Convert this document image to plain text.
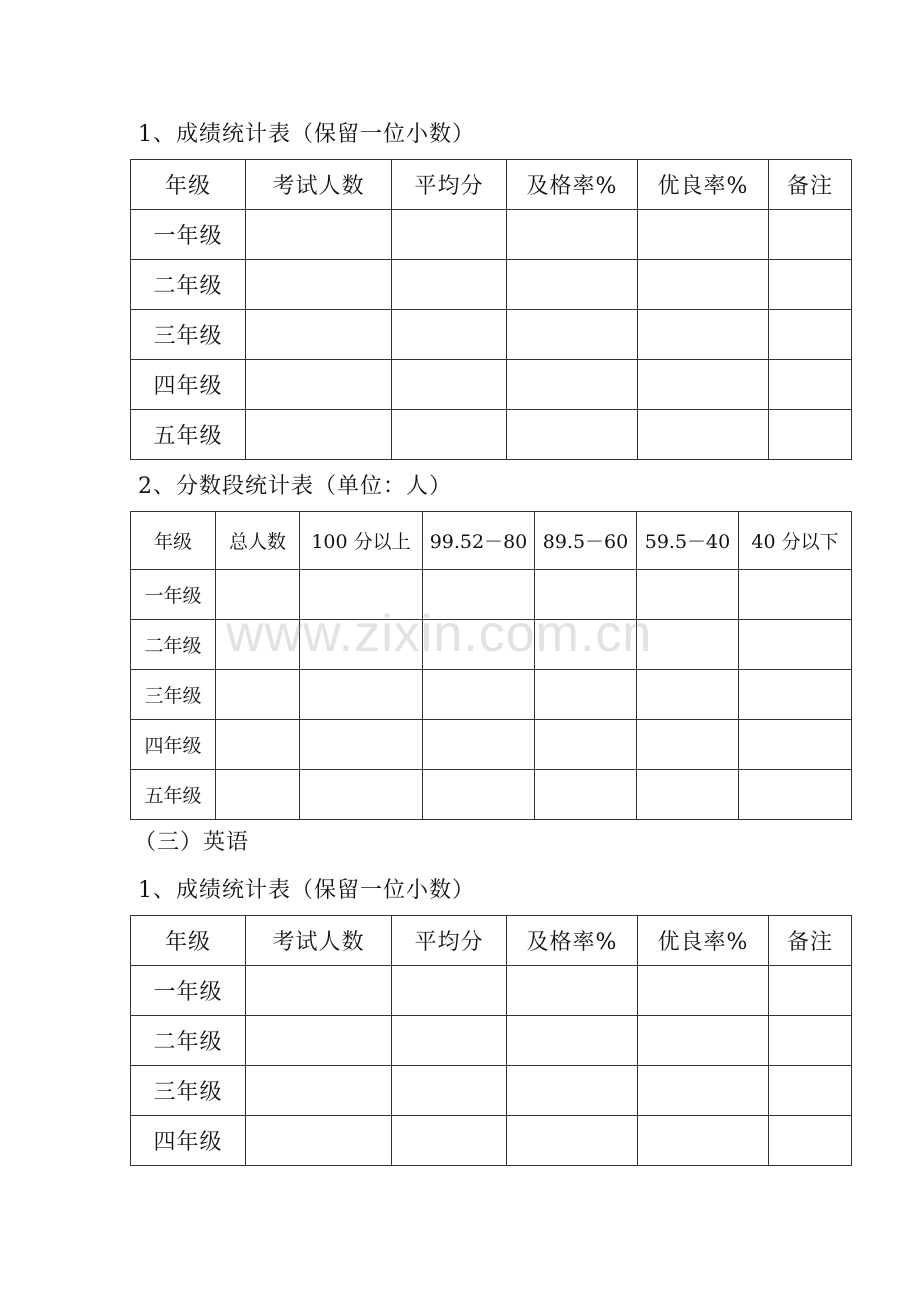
1、成绩统计表（保留一位小数）
年级	考试人数	平均分	及格率%	优良率%	备注
一年级					
二年级					
三年级					
四年级					
五年级					
2、分数段统计表（单位：人）
年级	总人数	100 分以上	99.52－80	89.5－60	59.5－40	40 分以下
一年级						
二年级						
三年级						
四年级						
五年级						
（三）英语
1、成绩统计表（保留一位小数）
年级	考试人数	平均分	及格率%	优良率%	备注
一年级					
二年级					
三年级					
四年级					
www.zixin.com.cn
